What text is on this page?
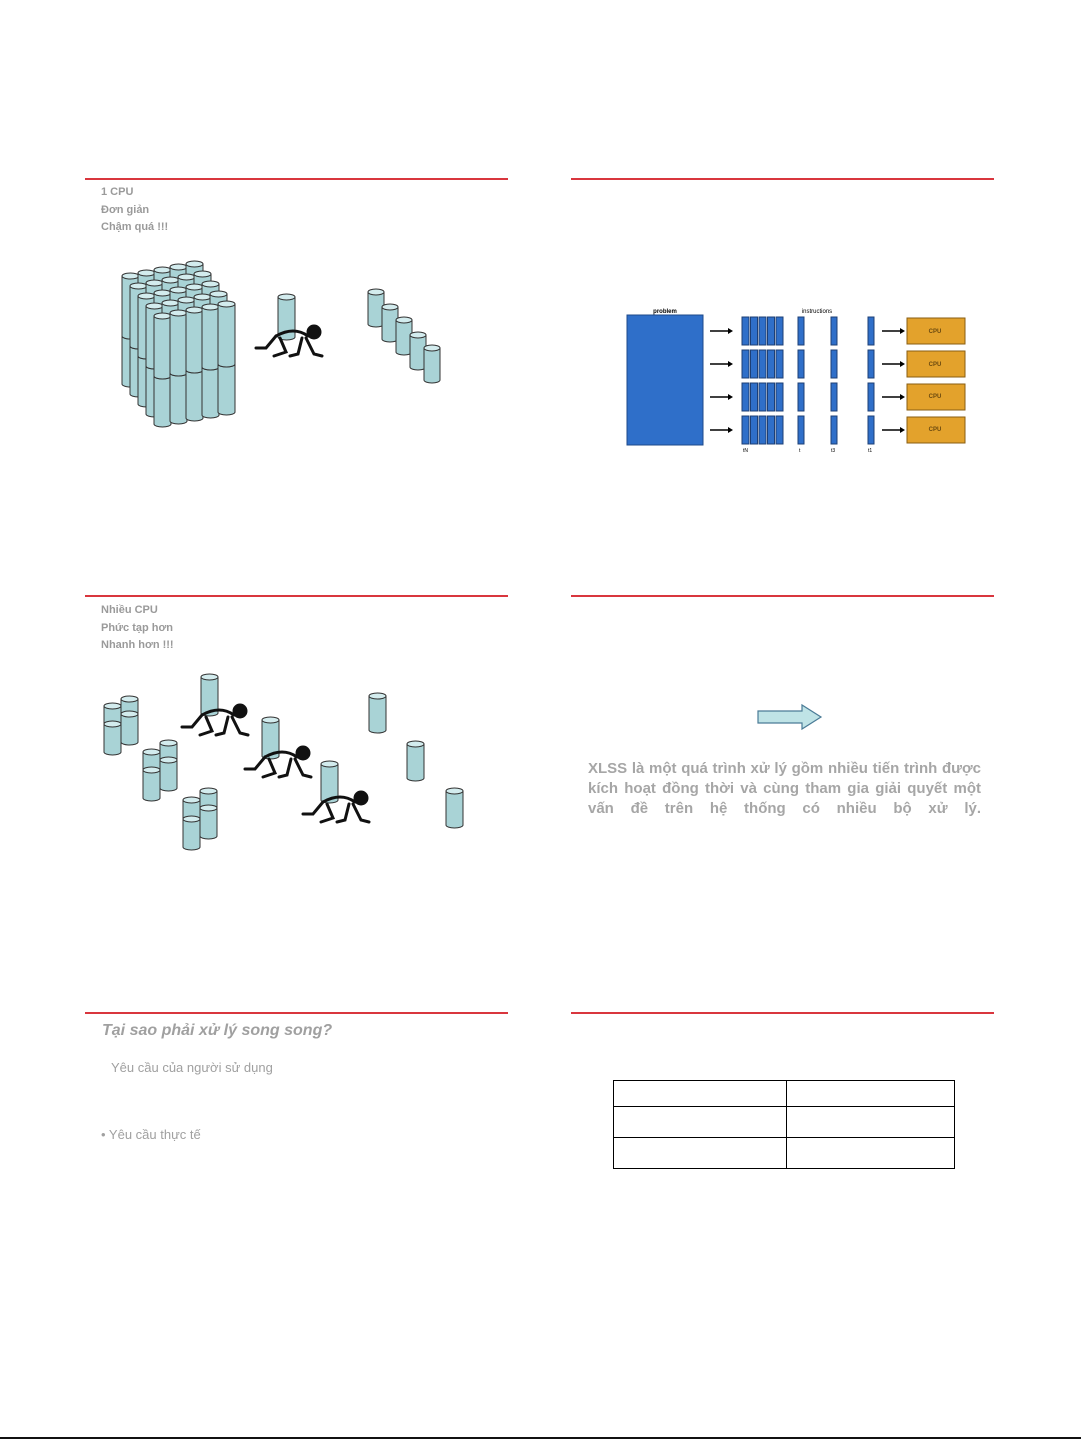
1 CPU
Đơn giản
Chậm quá !!!
problem	instructions
tN	t	t3	t1
CPU
CPU
CPU
CPU
Nhiều CPU
Phức tạp hơn
Nhanh hơn !!!
XLSS là một quá trình xử lý gồm nhiều tiến trình được kích hoạt đồng thời và cùng tham gia giải quyết một vấn đề trên hệ thống có nhiều bộ xử lý.
Tại sao phải xử lý song song?
Yêu cầu của người sử dụng
• Yêu cầu thực tế
